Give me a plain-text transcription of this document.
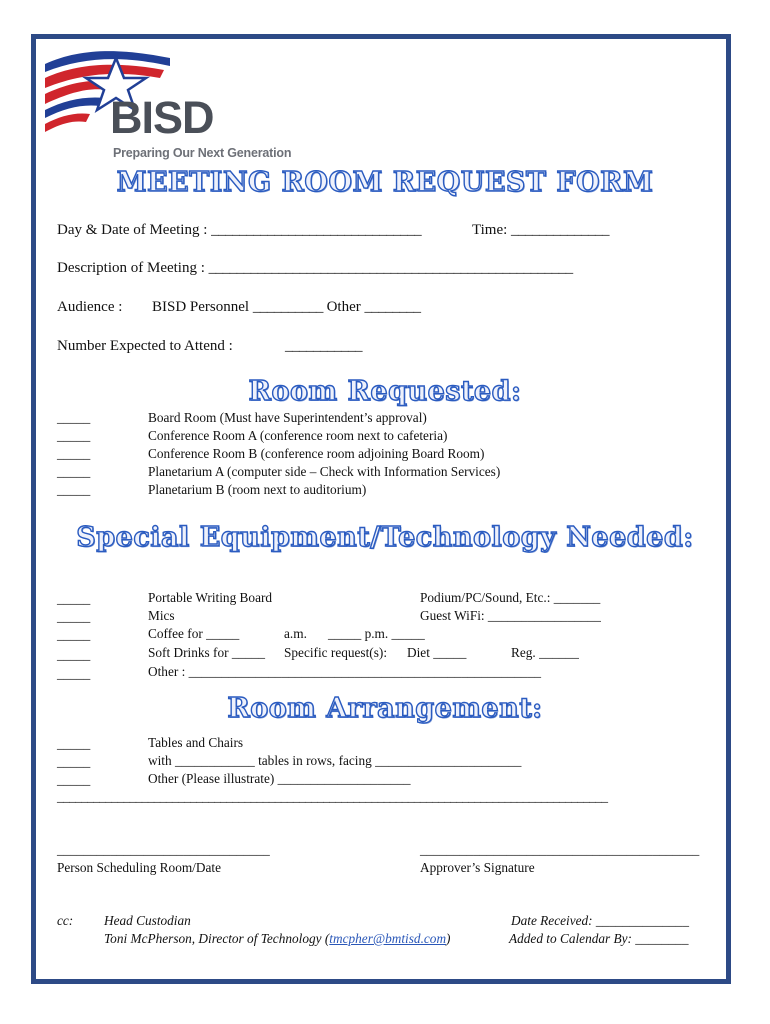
BISD
Preparing Our Next Generation
MEETING ROOM REQUEST FORM
Day & Date of Meeting : ______________________________	Time: ______________
Description of Meeting : ____________________________________________________
Audience : BISD Personnel __________ Other ________
Number Expected to Attend :	___________
Room Requested:
_____	Board Room (Must have Superintendent’s approval)
_____	Conference Room A (conference room next to cafeteria)
_____	Conference Room B (conference room adjoining Board Room)
_____	Planetarium A (computer side – Check with Information Services)
_____	Planetarium B (room next to auditorium)
Special Equipment/Technology Needed:
_____	Portable Writing Board	Podium/PC/Sound, Etc.: _______
_____	Mics	Guest WiFi: _________________
_____	Coffee for _____	a.m. _____ p.m. _____
_____	Soft Drinks for _____ Specific request(s): Diet _____	Reg. ______
_____	Other : _____________________________________________________
Room Arrangement:
_____	Tables and Chairs
_____	with ____________ tables in rows, facing ______________________
_____	Other (Please illustrate) ____________________
___________________________________________________________________________________________
________________________________
Person Scheduling Room/Date
__________________________________________
Approver’s Signature
cc: Head Custodian	Date Received: ______________
Toni McPherson, Director of Technology (tmcpher@bmtisd.com)	Added to Calendar By: ________
